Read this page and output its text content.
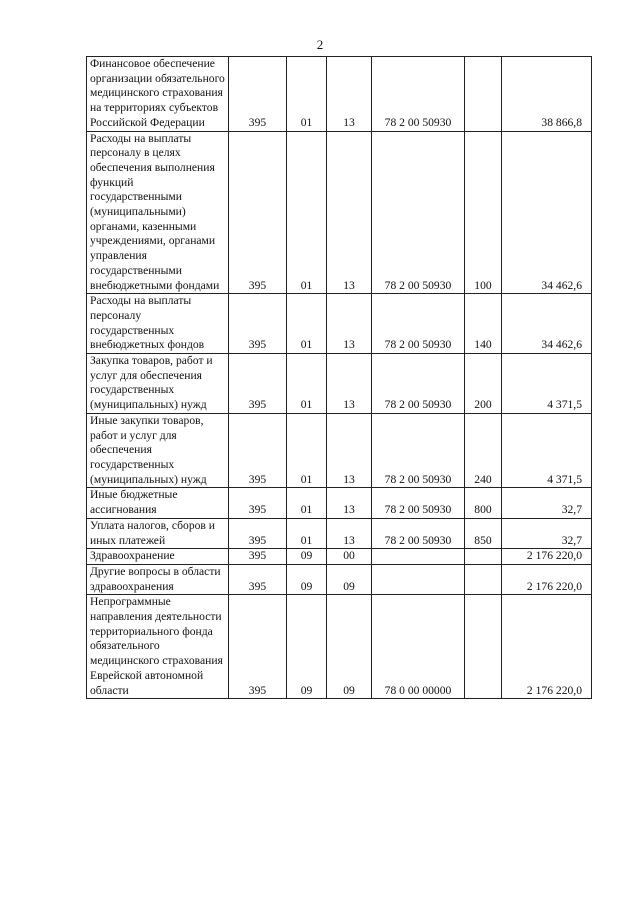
2
Финансовое обеспечение организации обязательного медицинского страхования на территориях субъектов Российской Федерации	395	01	13	78 2 00 50930		38 866,8
Расходы на выплаты персоналу в целях обеспечения выполнения функций государственными (муниципальными) органами, казенными учреждениями, органами управления государственными внебюджетными фондами	395	01	13	78 2 00 50930	100	34 462,6
Расходы на выплаты персоналу государственных внебюджетных фондов	395	01	13	78 2 00 50930	140	34 462,6
Закупка товаров, работ и услуг для обеспечения государственных (муниципальных) нужд	395	01	13	78 2 00 50930	200	4 371,5
Иные закупки товаров, работ и услуг для обеспечения государственных (муниципальных) нужд	395	01	13	78 2 00 50930	240	4 371,5
Иные бюджетные ассигнования	395	01	13	78 2 00 50930	800	32,7
Уплата налогов, сборов и иных платежей	395	01	13	78 2 00 50930	850	32,7
Здравоохранение	395	09	00			2 176 220,0
Другие вопросы в области здравоохранения	395	09	09			2 176 220,0
Непрограммные направления деятельности территориального фонда обязательного медицинского страхования Еврейской автономной области	395	09	09	78 0 00 00000		2 176 220,0
